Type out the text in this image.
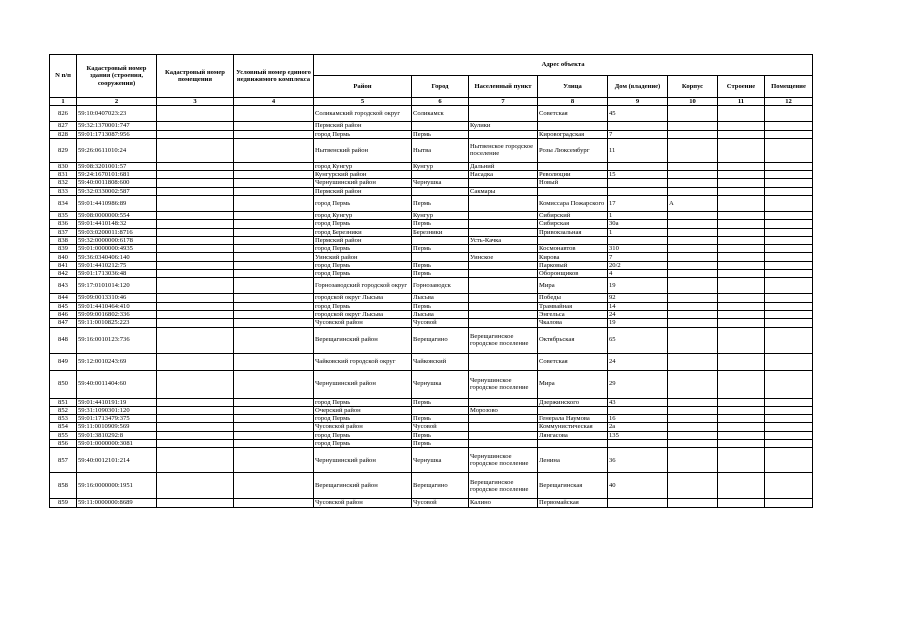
N п/п	Кадастровый номер здания (строения, сооружения)	Кадастровый номер помещения	Условный номер единого недвижимого комплекса	Адрес объекта							
				Район	Город	Населенный пункт	Улица	Дом (владение)	Корпус	Строение	Помещение
1	2	3	4	5	6	7	8	9	10	11	12
826	59:10:0407023:23			Соликамский городской округ	Соликамск		Советская	45			
827	59:32:1370001:747			Пермский район		Кулики					
828	59:01:1713087:956			город Пермь	Пермь		Кировоградская	7			
829	59:26:0611010:24			Нытвенский район	Нытва	Нытвенское городское поселение	Розы Люксембург	11			
830	59:08:3201001:57			город Кунгур	Кунгур	Дальний					
831	59:24:1670101:681			Кунгурский район		Насадка	Революции	15			
832	59:40:0011808:600			Чернушинский район	Чернушка		Новый				
833	59:32:0330002:587			Пермский район		Сакмары					
834	59:01:4410986:89			город Пермь	Пермь		Комиссара Пожарского	17	А		
835	59:08:0000000:554			город Кунгур	Кунгур		Сибирский	1			
836	59:01:4410148:32			город Пермь	Пермь		Сибирская	30а			
837	59:03:0200011:8716			город Березники	Березники		Привокзальная	1			
838	59:32:0000000:6178			Пермский район		Усть-Качка					
839	59:01:0000000:4935			город Пермь	Пермь		Космонавтов	310			
840	59:36:0340406:140			Уинский район		Уинское	Кирова	7			
841	59:01:4410212:75			город Пермь	Пермь		Парковый	20/2			
842	59:01:1713036:48			город Пермь	Пермь		Оборонщиков	4			
843	59:17:0101014:120			Горнозаводский городской округ	Горнозаводск		Мира	19			
844	59:09:0013310:46			городской округ Лысьва	Лысьва		Победы	92			
845	59:01:4410464:410			город Пермь	Пермь		Трамвайная	14			
846	59:09:0016802:336			городской округ Лысьва	Лысьва		Энгельса	24			
847	59:11:0010825:223			Чусовской район	Чусовой		Чкалова	19			
848	59:16:0010123:736			Верещагинский район	Верещагино	Верещагинское городское поселение	Октябрьская	65			
849	59:12:0010243:69			Чайковский городской округ	Чайковский		Советская	24			
850	59:40:0011404:60			Чернушинский район	Чернушка	Чернушинское городское поселение	Мира	29			
851	59:01:4410191:19			город Пермь	Пермь		Дзержинского	43			
852	59:31:1090301:120			Очерский район		Морозово					
853	59:01:1713479:375			город Пермь	Пермь		Генерала Наумова	16			
854	59:11:0010909:569			Чусовской район	Чусовой		Коммунистическая	2а			
855	59:01:3810292:8			город Пермь	Пермь		Лянгасова	135			
856	59:01:0000000:3081			город Пермь	Пермь						
857	59:40:0012101:214			Чернушинский район	Чернушка	Чернушинское городское поселение	Ленина	36			
858	59:16:0000000:1951			Верещагинский район	Верещагино	Верещагинское городское поселение	Верещагинская	40			
859	59:11:0000000:8689			Чусовской район	Чусовой	Калино	Первомайская				
